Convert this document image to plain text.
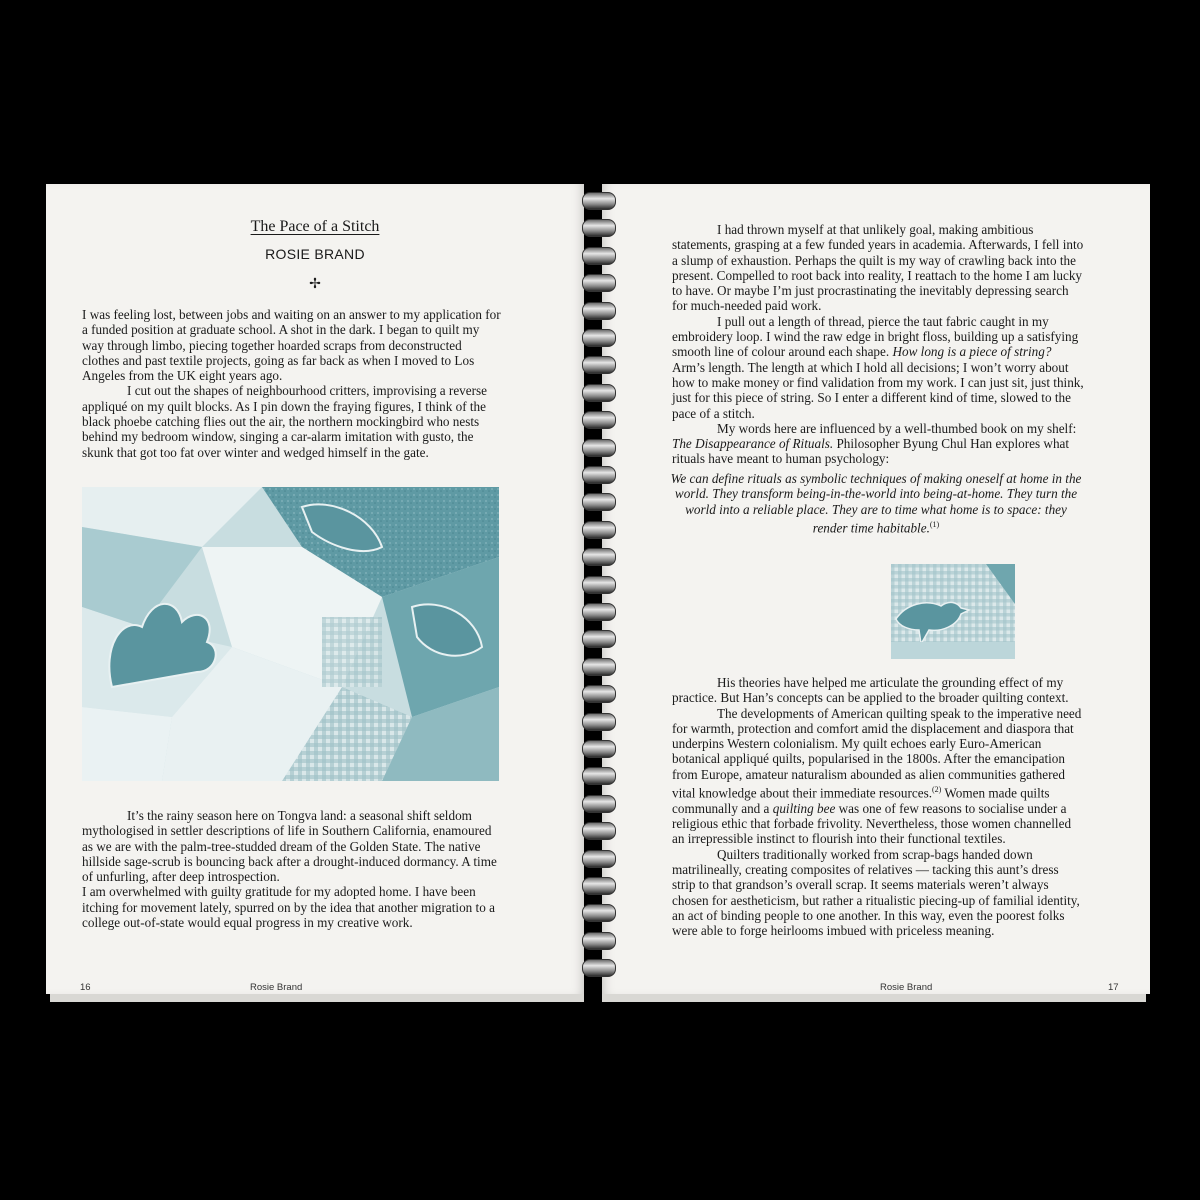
The Pace of a Stitch
ROSIE BRAND
✢

I was feeling lost, between jobs and waiting on an answer to my application for a funded position at graduate school. A shot in the dark. I began to quilt my way through limbo, piecing together hoarded scraps from deconstructed clothes and past textile projects, going as far back as when I moved to Los Angeles from the UK eight years ago.

I cut out the shapes of neighbourhood critters, improvising a reverse appliqué on my quilt blocks. As I pin down the fraying figures, I think of the black phoebe catching flies out the air, the northern mockingbird who nests behind my bedroom window, singing a car-alarm imitation with gusto, the skunk that got too fat over winter and wedged himself in the gate.

It’s the rainy season here on Tongva land: a seasonal shift seldom mythologised in settler descriptions of life in Southern California, enamoured as we are with the palm-tree-studded dream of the Golden State. The native hillside sage-scrub is bouncing back after a drought-induced dormancy. A time of unfurling, after deep introspection.

I am overwhelmed with guilty gratitude for my adopted home. I have been itching for movement lately, spurred on by the idea that another migration to a college out-of-state would equal progress in my creative work.

16	Rosie Brand

I had thrown myself at that unlikely goal, making ambitious statements, grasping at a few funded years in academia. Afterwards, I fell into a slump of exhaustion. Perhaps the quilt is my way of crawling back into the present. Compelled to root back into reality, I reattach to the home I am lucky to have. Or maybe I’m just procrastinating the inevitably depressing search for much-needed paid work.

I pull out a length of thread, pierce the taut fabric caught in my embroidery loop. I wind the raw edge in bright floss, building up a satisfying smooth line of colour around each shape. How long is a piece of string? Arm’s length. The length at which I hold all decisions; I won’t worry about how to make money or find validation from my work. I can just sit, just think, just for this piece of string. So I enter a different kind of time, slowed to the pace of a stitch.

My words here are influenced by a well-thumbed book on my shelf: The Disappearance of Rituals. Philosopher Byung Chul Han explores what rituals have meant to human psychology:

We can define rituals as symbolic techniques of making oneself at home in the world. They transform being-in-the-world into being-at-home. They turn the world into a reliable place. They are to time what home is to space: they render time habitable.$^{(1)}$

His theories have helped me articulate the grounding effect of my practice. But Han’s concepts can be applied to the broader quilting context.

The developments of American quilting speak to the imperative need for warmth, protection and comfort amid the displacement and diaspora that underpins Western colonialism. My quilt echoes early Euro-American botanical appliqué quilts, popularised in the 1800s. After the emancipation from Europe, amateur naturalism abounded as alien communities gathered vital knowledge about their immediate resources.$^{(2)}$ Women made quilts communally and a quilting bee was one of few reasons to socialise under a religious ethic that forbade frivolity. Nevertheless, those women channelled an irrepressible instinct to flourish into their functional textiles.

Quilters traditionally worked from scrap-bags handed down matrilineally, creating composites of relatives — tacking this aunt’s dress strip to that grandson’s overall scrap. It seems materials weren’t always chosen for aestheticism, but rather a ritualistic piecing-up of familial identity, an act of binding people to one another. In this way, even the poorest folks were able to forge heirlooms imbued with priceless meaning.

Rosie Brand	17
